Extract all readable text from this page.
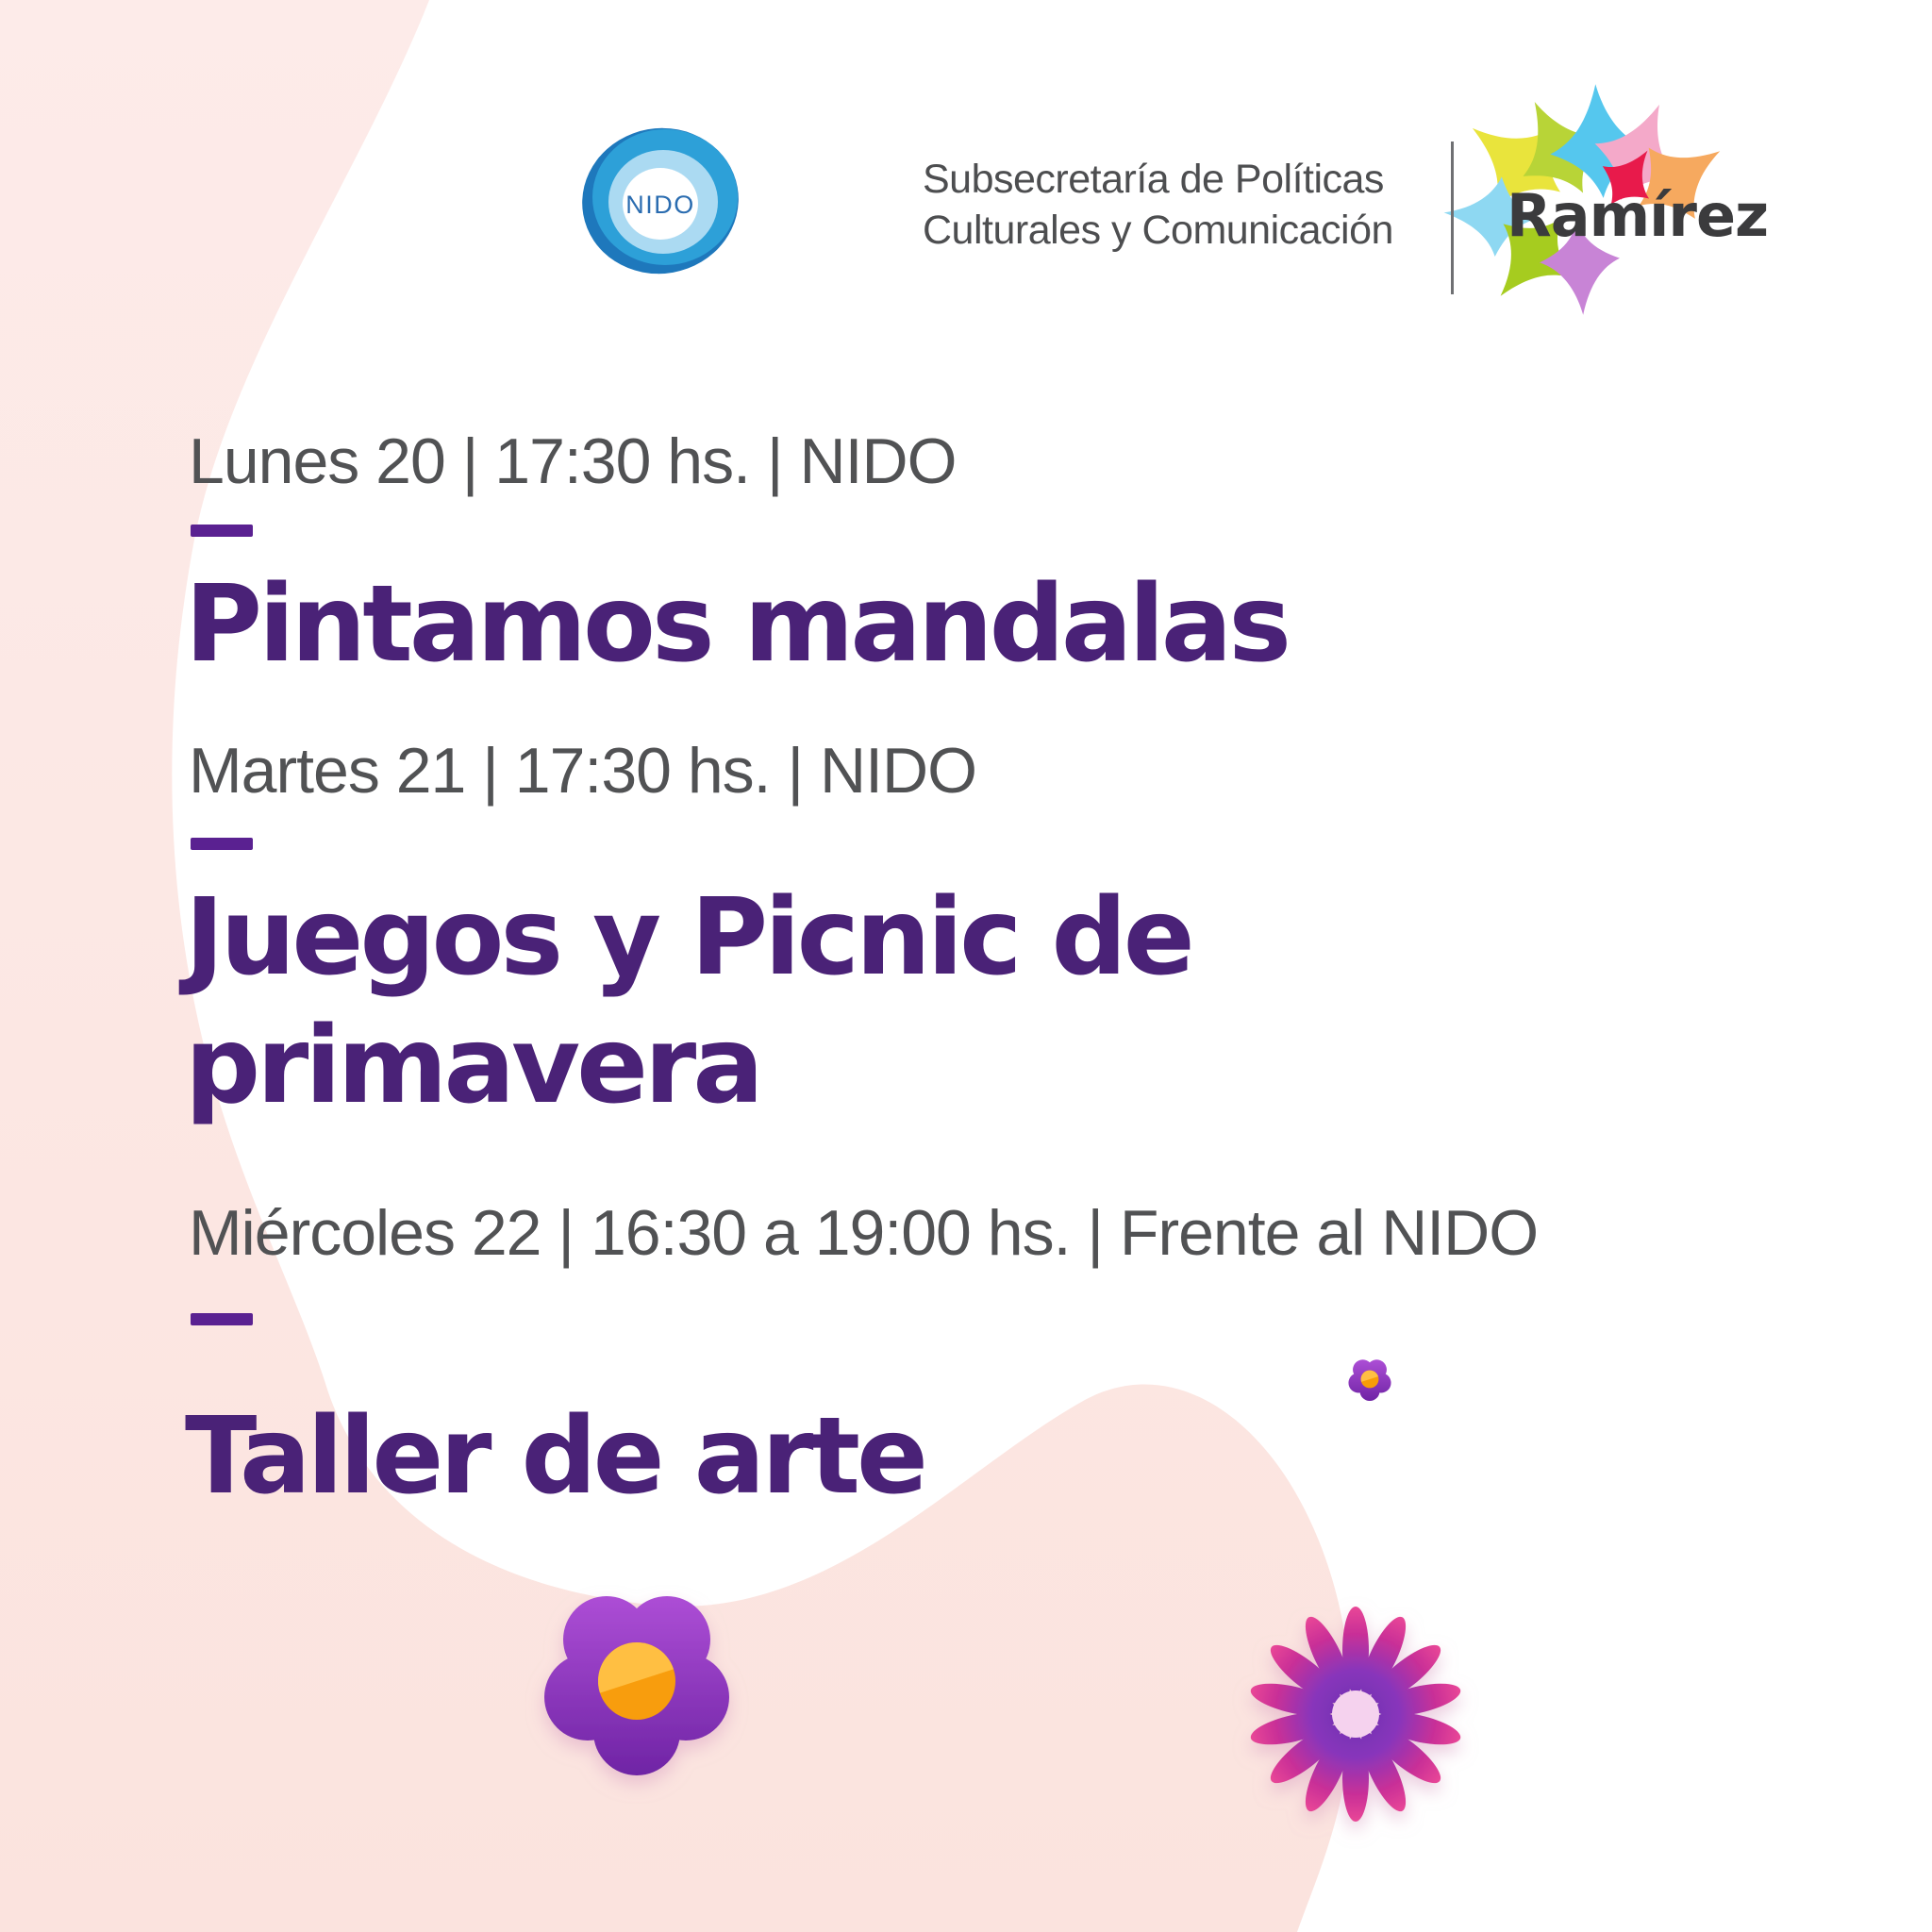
NIDO	Ramírez
Subsecretaría de Políticas
Culturales y Comunicación
Lunes 20 | 17:30 hs. | NIDO
Pintamos mandalas
Martes 21 | 17:30 hs. | NIDO
Juegos y Picnic de
primavera
Miércoles 22 | 16:30 a 19:00 hs. | Frente al NIDO
Taller de arte
